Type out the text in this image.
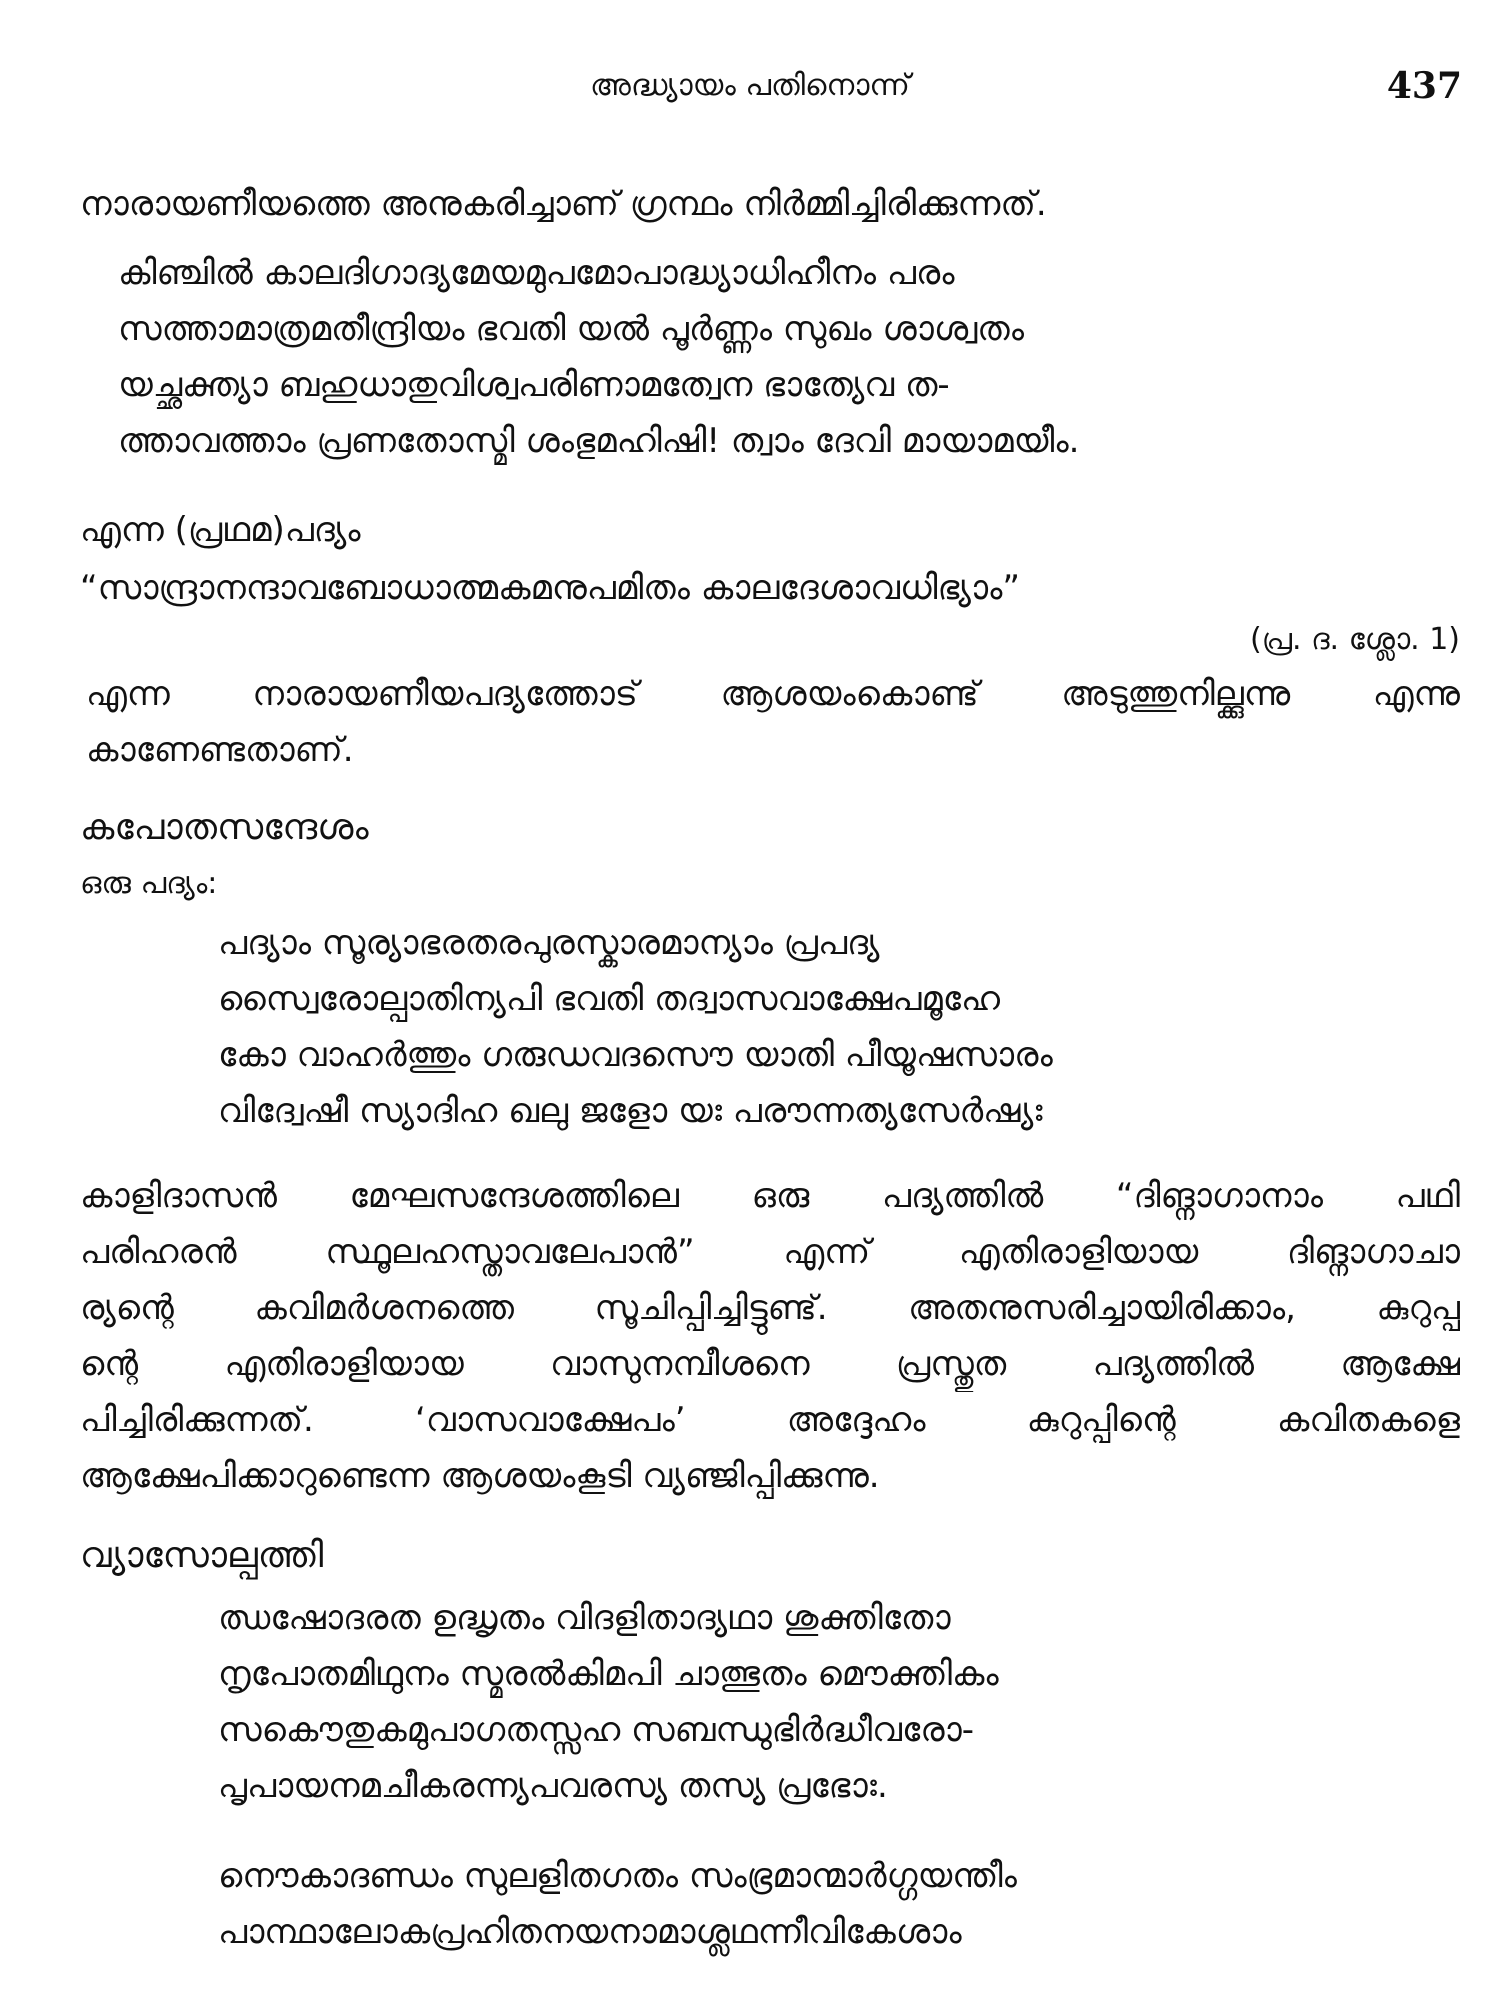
അദ്ധ്യായം പതിനൊന്ന്	437
നാരായണീയത്തെ അനുകരിച്ചാണ് ഗ്രന്ഥം നിർമ്മിച്ചിരിക്കുന്നത്.
കിഞ്ചിൽ കാലദിഗാദ്യമേയമുപമോപാദ്ധ്യാധിഹീനം പരം
സത്താമാത്രമതീന്ദ്രിയം ഭവതി യൽ പൂർണ്ണം സുഖം ശാശ്വതം
യച്ഛക്ത്യാ ബഹുധാതുവിശ്വപരിണാമത്വേന ഭാത്യേവ ത-
ത്താവത്താം പ്രണതോസ്മി ശംഭുമഹിഷി! ത്വാം ദേവി മായാമയീം.
എന്ന (പ്രഥമ)പദ്യം
“സാന്ദ്രാനന്ദാവബോധാത്മകമനുപമിതം കാലദേശാവധിഭ്യാം”
(പ്ര. ദ. ശ്ലോ. 1)
എന്ന നാരായണീയപദ്യത്തോട് ആശയംകൊണ്ട് അടുത്തുനില്ക്കുന്നു എന്നു
കാണേണ്ടതാണ്.
കപോതസന്ദേശം
ഒരു പദ്യം:
പദ്യാം സൂര്യാഭരതരപുരസ്കാരമാന്യാം പ്രപദ്യ
സ്വൈരോല്പാതിന്യപി ഭവതി തദ്വാസവാക്ഷേപമൂഹേ
കോ വാഹർത്തും ഗരുഡവദസൌ യാതി പീയൂഷസാരം
വിദ്വേഷീ സ്യാദിഹ ഖലു ജളോ യഃ പരൗന്നത്യസേർഷ്യഃ
കാളിദാസൻ മേഘസന്ദേശത്തിലെ ഒരു പദ്യത്തിൽ “ദിങ്നാഗാനാം പഥി
പരിഹരൻ സ്ഥൂലഹസ്താവലേപാൻ” എന്ന് എതിരാളിയായ ദിങ്നാഗാചാ
ര്യന്റെ കവിമർശനത്തെ സൂചിപ്പിച്ചിട്ടുണ്ട്. അതനുസരിച്ചായിരിക്കാം, കുറുപ്പ
ന്റെ എതിരാളിയായ വാസുനമ്പീശനെ പ്രസ്തുത പദ്യത്തിൽ ആക്ഷേ
പിച്ചിരിക്കുന്നത്. ‘വാസവാക്ഷേപം’ അദ്ദേഹം കുറുപ്പിന്റെ കവിതകളെ
ആക്ഷേപിക്കാറുണ്ടെന്ന ആശയംകൂടി വ്യഞ്ജിപ്പിക്കുന്നു.
വ്യാസോല്പത്തി
ഝഷോദരത ഉദ്ധൃതം വിദളിതാദ്യഥാ ശുക്തിതോ
നൃപോതമിഥുനം സ്മരൽകിമപി ചാത്ഭുതം മൌക്തികം
സകൌതുകമുപാഗതസ്സഹ സബന്ധുഭിർദ്ധീവരോ-
പൃപായനമചീകരന്ന്യപവരസ്യ തസ്യ പ്രഭോഃ.
നൌകാദണ്ഡം സുലളിതഗതം സംഭ്രമാന്മാർഗ്ഗയന്തീം
പാന്ഥാലോകപ്രഹിതനയനാമാശ്ലഥന്നീവികേശാം
